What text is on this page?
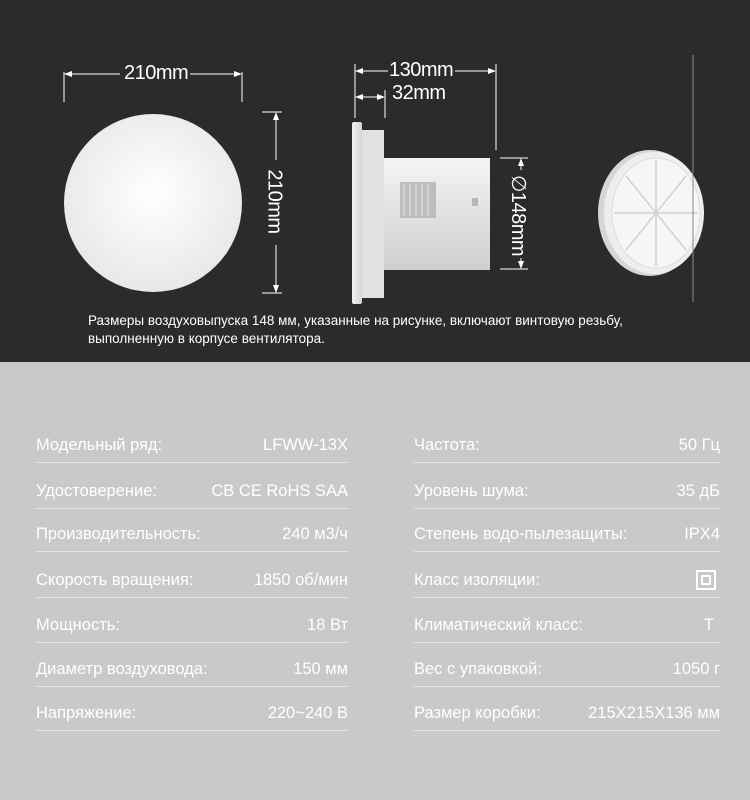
210mm
210mm
130mm
32mm
∅148mm

Размеры воздуховыпуска 148 мм, указанные на рисунке, включают винтовую резьбу,

выполненную в корпусе вентилятора.

Модельный ряд:	LFWW-13X
Удостоверение:	CB CE RoHS SAA
Производительность:	240 м3/ч
Скорость вращения:	1850 об/мин
Мощность:	18 Вт
Диаметр воздуховода:	150 мм
Напряжение:	220~240 В
Частота:	50 Гц
Уровень шума:	35 дБ
Степень водо-пылезащиты:	IPX4
Класс изоляции:
Климатический класс:	T
Вес с упаковкой:	1050 г
Размер коробки:	215X215X136 мм
